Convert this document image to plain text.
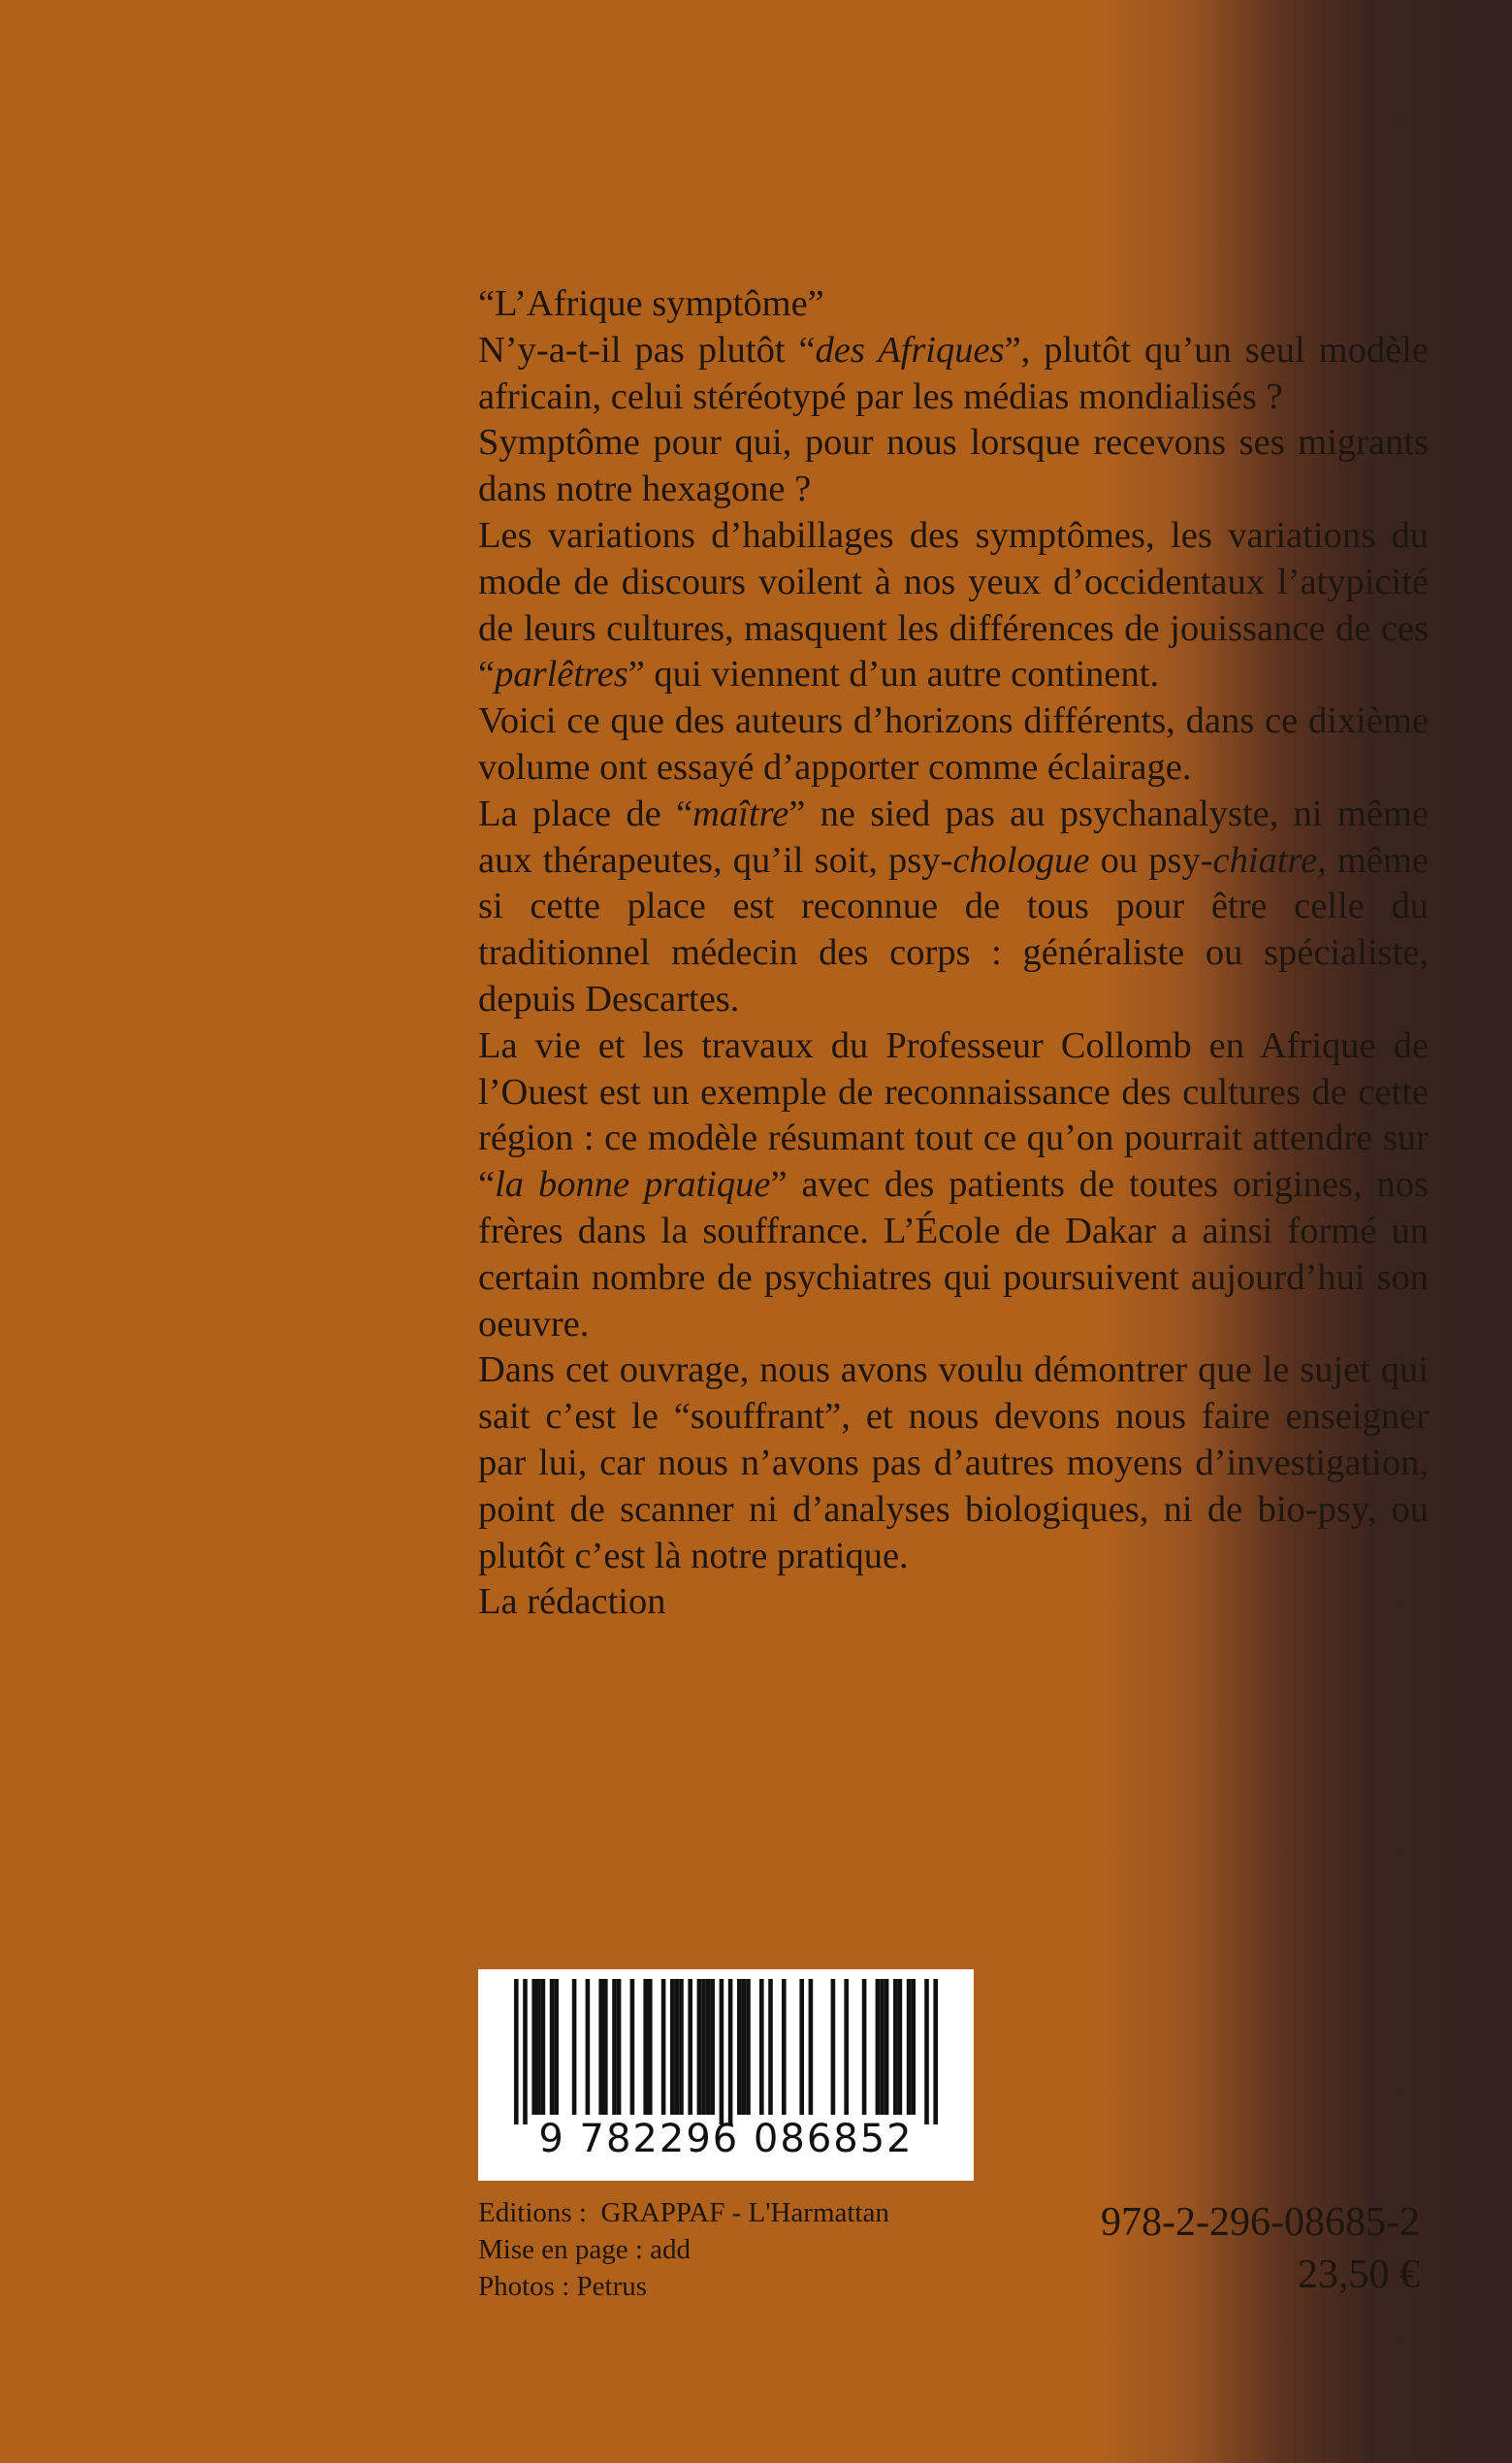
“L’Afrique symptôme”

N’y-a-t-il pas plutôt “des Afriques”, plutôt qu’un seul modèle africain, celui stéréotypé par les médias mondialisés ?

Symptôme pour qui, pour nous lorsque recevons ses migrants dans notre hexagone ?

Les variations d’habillages des symptômes, les variations du mode de discours voilent à nos yeux d’occidentaux l’atypicité de leurs cultures, masquent les différences de jouissance de ces “parlêtres” qui viennent d’un autre continent.

Voici ce que des auteurs d’horizons différents, dans ce dixième volume ont essayé d’apporter comme éclairage.

La place de “maître” ne sied pas au psychanalyste, ni même aux thérapeutes, qu’il soit, psy-chologue ou psy-chiatre, même si cette place est reconnue de tous pour être celle du traditionnel médecin des corps : généraliste ou spécialiste, depuis Descartes.

La vie et les travaux du Professeur Collomb en Afrique de l’Ouest est un exemple de reconnaissance des cultures de cette région : ce modèle résumant tout ce qu’on pourrait attendre sur “la bonne pratique” avec des patients de toutes origines, nos frères dans la souffrance. L’École de Dakar a ainsi formé un certain nombre de psychiatres qui poursuivent aujourd’hui son oeuvre.

Dans cet ouvrage, nous avons voulu démontrer que le sujet qui sait c’est le “souffrant”, et nous devons nous faire enseigner par lui, car nous n’avons pas d’autres moyens d’investigation, point de scanner ni d’analyses biologiques, ni de bio-psy, ou plutôt c’est là notre pratique.

La rédaction

9 782296 086852
Editions :  GRAPPAF - L'Harmattan
Mise en page : add
Photos : Petrus
978-2-296-08685-2
23,50 €
